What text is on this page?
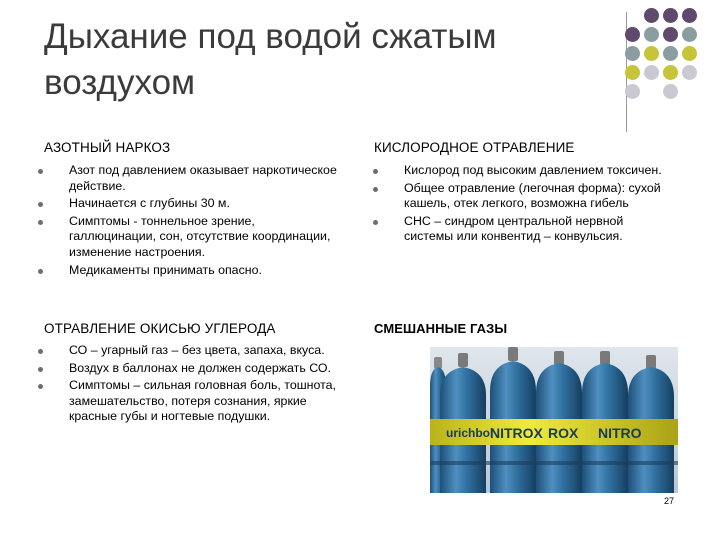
Дыхание под водой сжатым
воздухом
АЗОТНЫЙ НАРКОЗ
Азот под давлением оказывает наркотическое действие.
Начинается с глубины 30 м.
Симптомы - тоннельное зрение, галлюцинации, сон, отсутствие координации, изменение настроения.
Медикаменты принимать опасно.
КИСЛОРОДНОЕ ОТРАВЛЕНИЕ
Кислород под высоким давлением токсичен.
Общее отравление (легочная форма): сухой кашель, отек легкого, возможна гибель
СНС – синдром центральной нервной системы или конвентид – конвульсия.
ОТРАВЛЕНИЕ ОКИСЬЮ УГЛЕРОДА
СО – угарный газ – без цвета, запаха, вкуса.
Воздух в баллонах не должен содержать СО.
Симптомы – сильная головная боль, тошнота, замешательство, потеря сознания, яркие красные губы и ногтевые подушки.
СМЕШАННЫЕ ГАЗЫ
urichbol
NITROX ROX NITRO
27
